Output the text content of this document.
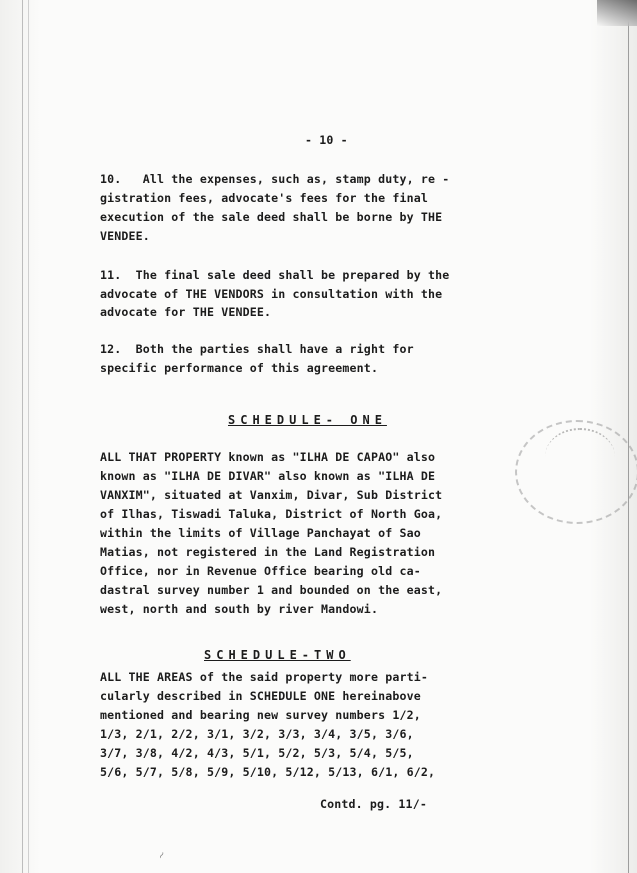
- 10 -
10.   All the expenses, such as, stamp duty, re -
gistration fees, advocate's fees for the final
execution of the sale deed shall be borne by THE
VENDEE.
11.  The final sale deed shall be prepared by the
advocate of THE VENDORS in consultation with the
advocate for THE VENDEE.
12.  Both the parties shall have a right for
specific performance of this agreement.
SCHEDULE- ONE
ALL THAT PROPERTY known as "ILHA DE CAPAO" also
known as "ILHA DE DIVAR" also known as "ILHA DE
VANXIM", situated at Vanxim, Divar, Sub District
of Ilhas, Tiswadi Taluka, District of North Goa,
within the limits of Village Panchayat of Sao
Matias, not registered in the Land Registration
Office, nor in Revenue Office bearing old ca-
dastral survey number 1 and bounded on the east,
west, north and south by river Mandowi.
SCHEDULE-TWO
ALL THE AREAS of the said property more parti-
cularly described in SCHEDULE ONE hereinabove
mentioned and bearing new survey numbers 1/2,
1/3, 2/1, 2/2, 3/1, 3/2, 3/3, 3/4, 3/5, 3/6,
3/7, 3/8, 4/2, 4/3, 5/1, 5/2, 5/3, 5/4, 5/5,
5/6, 5/7, 5/8, 5/9, 5/10, 5/12, 5/13, 6/1, 6/2,
Contd. pg. 11/-
~
